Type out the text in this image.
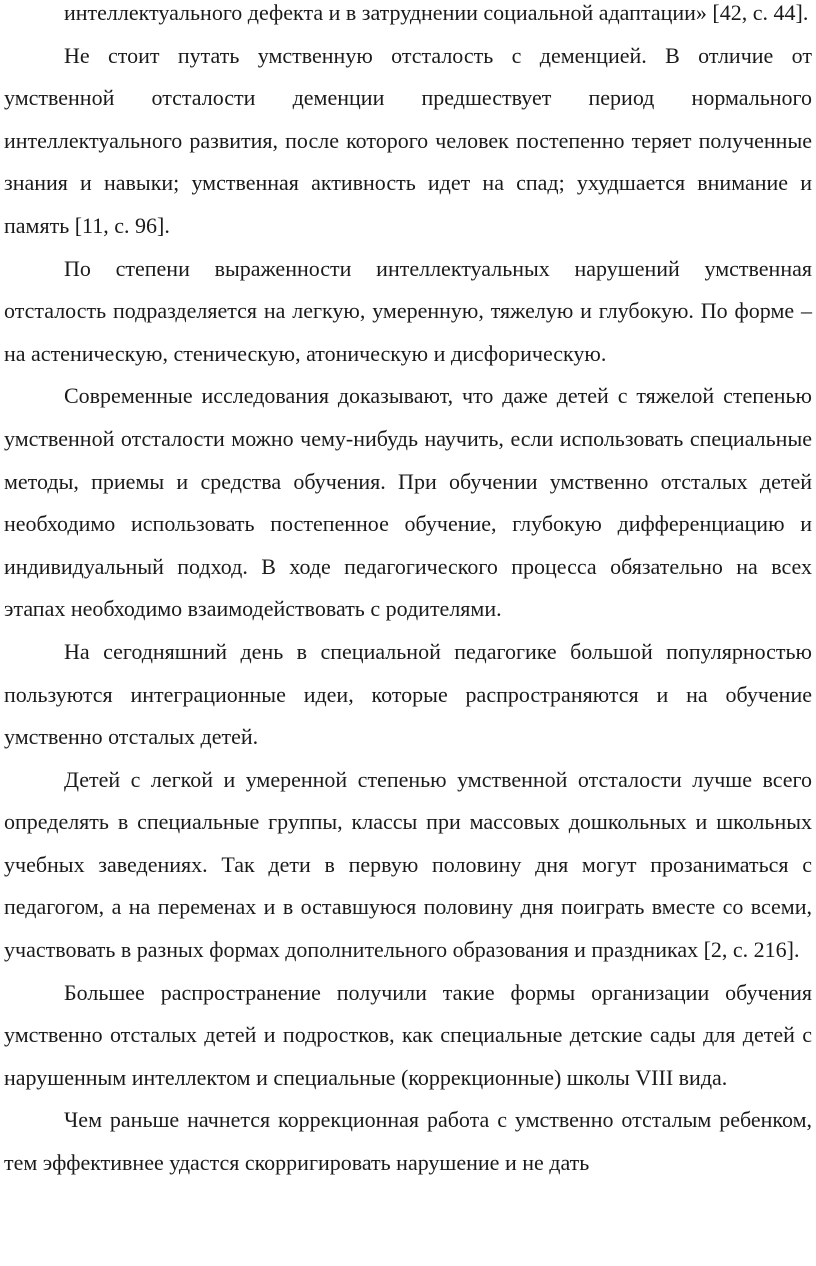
интеллектуального дефекта и в затруднении социальной адаптации» [42, с. 44].

Не стоит путать умственную отсталость с деменцией. В отличие от умственной отсталости деменции предшествует период нормального интеллектуального развития, после которого человек постепенно теряет полученные знания и навыки; умственная активность идет на спад; ухудшается внимание и память [11, с. 96].

По степени выраженности интеллектуальных нарушений умственная отсталость подразделяется на легкую, умеренную, тяжелую и глубокую. По форме – на астеническую, стеническую, атоническую и дисфорическую.

Современные исследования доказывают, что даже детей с тяжелой степенью умственной отсталости можно чему-нибудь научить, если использовать специальные методы, приемы и средства обучения. При обучении умственно отсталых детей необходимо использовать постепенное обучение, глубокую дифференциацию и индивидуальный подход. В ходе педагогического процесса обязательно на всех этапах необходимо взаимодействовать с родителями.

На сегодняшний день в специальной педагогике большой популярностью пользуются интеграционные идеи, которые распространяются и на обучение умственно отсталых детей.

Детей с легкой и умеренной степенью умственной отсталости лучше всего определять в специальные группы, классы при массовых дошкольных и школьных учебных заведениях. Так дети в первую половину дня могут прозаниматься с педагогом, а на переменах и в оставшуюся половину дня поиграть вместе со всеми, участвовать в разных формах дополнительного образования и праздниках [2, с. 216].

Большее распространение получили такие формы организации обучения умственно отсталых детей и подростков, как специальные детские сады для детей с нарушенным интеллектом и специальные (коррекционные) школы VIII вида.

Чем раньше начнется коррекционная работа с умственно отсталым ребенком, тем эффективнее удастся скорригировать нарушение и не дать
